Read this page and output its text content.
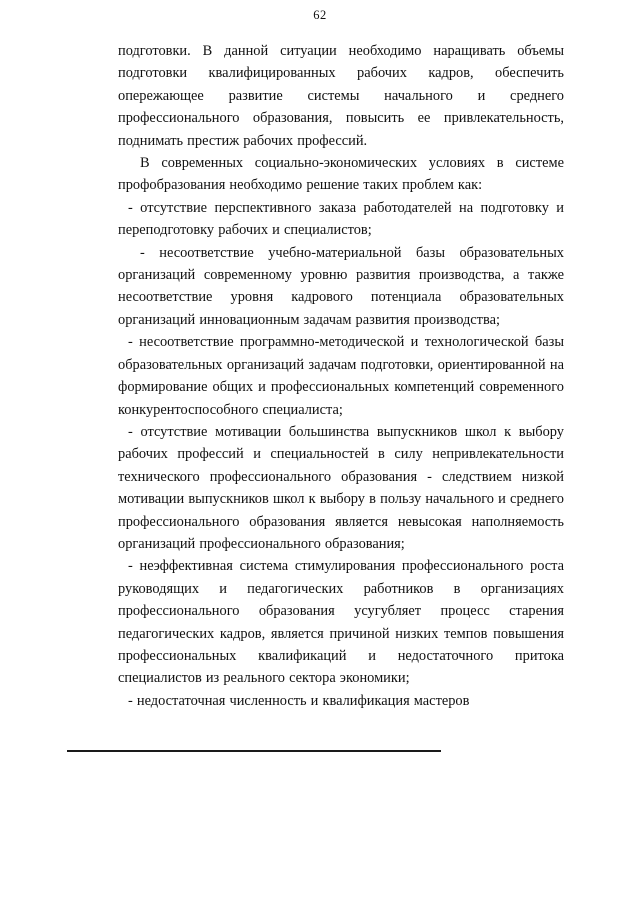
62

подготовки. В данной ситуации необходимо наращивать объемы подготовки квалифицированных рабочих кадров, обеспечить опережающее развитие системы начального и среднего профессионального образования, повысить ее привлекательность, поднимать престиж рабочих профессий.

В современных социально-экономических условиях в системе профобразования необходимо решение таких проблем как:

- отсутствие перспективного заказа работодателей на подготовку и переподготовку рабочих и специалистов;

- несоответствие учебно-материальной базы образовательных организаций современному уровню развития производства, а также несоответствие уровня кадрового потенциала образовательных организаций инновационным задачам развития производства;

- несоответствие программно-методической и технологической базы образовательных организаций задачам подготовки, ориентированной на формирование общих и профессиональных компетенций современного конкурентоспособного специалиста;

- отсутствие мотивации большинства выпускников школ к выбору рабочих профессий и специальностей в силу непривлекательности технического профессионального образования - следствием низкой мотивации выпускников школ к выбору в пользу начального и среднего профессионального образования является невысокая наполняемость организаций профессионального образования;

- неэффективная система стимулирования профессионального роста руководящих и педагогических работников в организациях профессионального образования усугубляет процесс старения педагогических кадров, является причиной низких темпов повышения профессиональных квалификаций и недостаточного притока специалистов из реального сектора экономики;

- недостаточная численность и квалификация мастеров
